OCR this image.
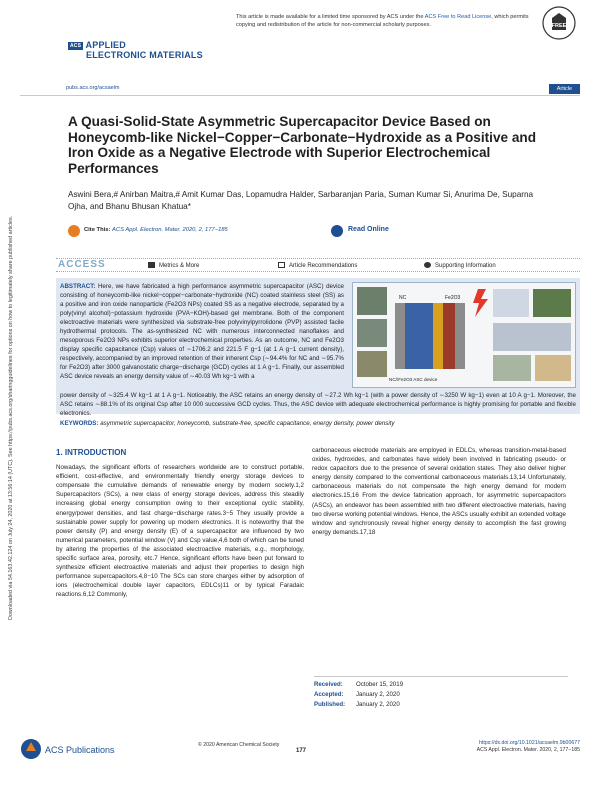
Downloaded via 54.163.42.124 on July 24, 2020 at 13:56:14 (UTC). See https://pubs.acs.org/sharingguidelines for options on how to legitimately share published articles.
This article is made available for a limited time sponsored by ACS under the ACS Free to Read License, which permits copying and redistribution of the article for non-commercial scholarly purposes.	FREE
ACS APPLIED
ELECTRONIC MATERIALS
pubs.acs.org/acsaelm	Article
A Quasi-Solid-State Asymmetric Supercapacitor Device Based on Honeycomb-like Nickel−Copper−Carbonate−Hydroxide as a Positive and Iron Oxide as a Negative Electrode with Superior Electrochemical Performances
Aswini Bera,# Anirban Maitra,# Amit Kumar Das, Lopamudra Halder, Sarbaranjan Paria, Suman Kumar Si, Anurima De, Suparna Ojha, and Bhanu Bhusan Khatua*
Cite This: ACS Appl. Electron. Mater. 2020, 2, 177−185	Read Online
ACCESS	Metrics & More	Article Recommendations	Supporting Information
ABSTRACT: Here, we have fabricated a high performance asymmetric supercapacitor (ASC) device consisting of honeycomb-like nickel−copper−carbonate−hydroxide (NC) coated stainless steel (SS) as a positive and iron oxide nanoparticle (Fe2O3 NPs) coated SS as a negative electrode, separated by a poly(vinyl alcohol)−potassium hydroxide (PVA−KOH)-based gel membrane. Both of the component electroactive materials were synthesized via substrate-free polyvinylpyrrolidone (PVP) assisted facile hydrothermal protocols. The as-synthesized NC with numerous interconnected nanoflakes and mesoporous Fe2O3 NPs exhibits superior electrochemical properties. As an outcome, NC and Fe2O3 display specific capacitance (Csp) values of ∼1706.2 and 221.5 F g−1 (at 1 A g−1 current density), respectively, accompanied by an improved retention of their inherent Csp (∼94.4% for NC and ∼95.7% for Fe2O3) after 3000 galvanostatic charge−discharge (GCD) cycles at 1 A g−1. Finally, our assembled ASC device reveals an energy density value of ∼40.03 Wh kg−1 with a
NC	Fe2O3
NC//Fe2O3 ASC device
power density of ∼325.4 W kg−1 at 1 A g−1. Noticeably, the ASC retains an energy density of ∼27.2 Wh kg−1 (with a power density of ∼3250 W kg−1) even at 10 A g−1. Moreover, the ASC retains ∼88.1% of its original Csp after 10 000 successive GCD cycles. Thus, the ASC device with adequate electrochemical performance is highly promising for portable and flexible electronics.
KEYWORDS: asymmetric supercapacitor, honeycomb, substrate-free, specific capacitance, energy density, power density
1. INTRODUCTION

Nowadays, the significant efforts of researchers worldwide are to construct portable, efficient, cost-effective, and environmentally friendly energy storage devices to compensate the cumulative demands of renewable energy by modern society.1,2 Supercapacitors (SCs), a new class of energy storage devices, address this steadily increasing global energy consumption owing to their exceptional cyclic stability, energy/power densities, and fast charge−discharge rates.3−5 They usually provide a sustainable power supply for powering up modern electronics. It is noteworthy that the power density (P) and energy density (E) of a supercapacitor are influenced by two numerical parameters, potential window (V) and Csp value,4,6 both of which can be tuned by altering the properties of the associated electroactive materials, e.g., morphology, specific surface area, porosity, etc.7 Hence, significant efforts have been put forward to synthesize efficient electroactive materials and adjust their properties to design high performance supercapacitors.4,8−10 The SCs can store charges either by adsorption of ions (electrochemical double layer capacitors, EDLCs)11 or by typical Faradaic reactions.6,12 Commonly,

carbonaceous electrode materials are employed in EDLCs, whereas transition-metal-based oxides, hydroxides, and carbonates have widely been involved in fabricating pseudo- or redox capacitors due to the presence of several oxidation states. They also deliver higher energy density compared to the conventional carbonaceous materials.13,14 Unfortunately, carbonaceous materials do not compensate the high energy demand for modern electronics.15,16 From the device fabrication approach, for asymmetric supercapacitors (ASCs), an endeavor has been assembled with two different electroactive materials, having two diverse working potential windows. Hence, the ASCs usually exhibit an extended voltage window and synchronously reveal higher energy density to accomplish the fast growing energy demands.17,18

Received: October 15, 2019
Accepted: January 2, 2020
Published: January 2, 2020
ACS Publications	© 2020 American Chemical Society
177
https://dx.doi.org/10.1021/acsaelm.9b00677
ACS Appl. Electron. Mater. 2020, 2, 177−185
